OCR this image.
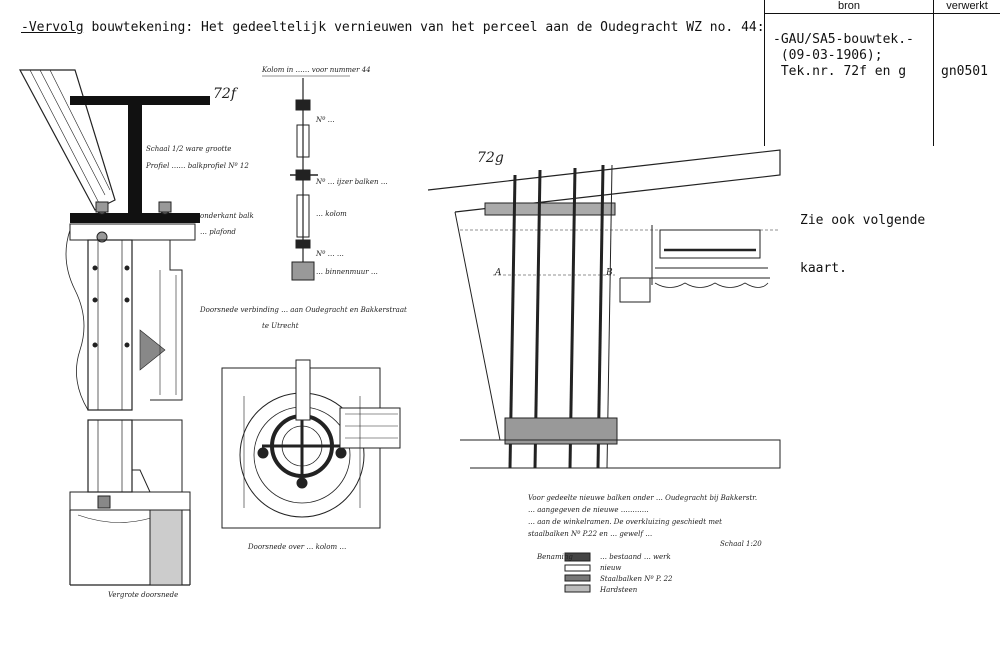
-Vervolg bouwtekening: Het gedeeltelijk vernieuwen van het perceel aan de Oudegracht WZ no. 44:
bron	verwerkt
-GAU/SA5-bouwtek.-
(09-03-1906);
Tek.nr. 72f en g	gn0501

Zie ook volgende

kaart.

72f
72g
Kolom in …… voor nummer 44
Schaal 1/2 ware grootte
Profiel …… balkprofiel Nº 12
onderkant balk
… plafond
Nº …
Nº … ijzer balken …
… kolom
Nº … …
… binnenmuur …
Doorsnede verbinding … aan Oudegracht en Bakkerstraat
te Utrecht
A	B
Doorsnede over … kolom …
Vergrote doorsnede
Voor gedeelte nieuwe balken onder … Oudegracht bij Bakkerstr.
… aangegeven de nieuwe …………
… aan de winkelramen. De overkluizing geschiedt met
staalbalken Nº P.22 en … gewelf …
Schaal 1:20
Benaming	… bestaand … werk
nieuw
Staalbalken Nº P. 22
Hardsteen
